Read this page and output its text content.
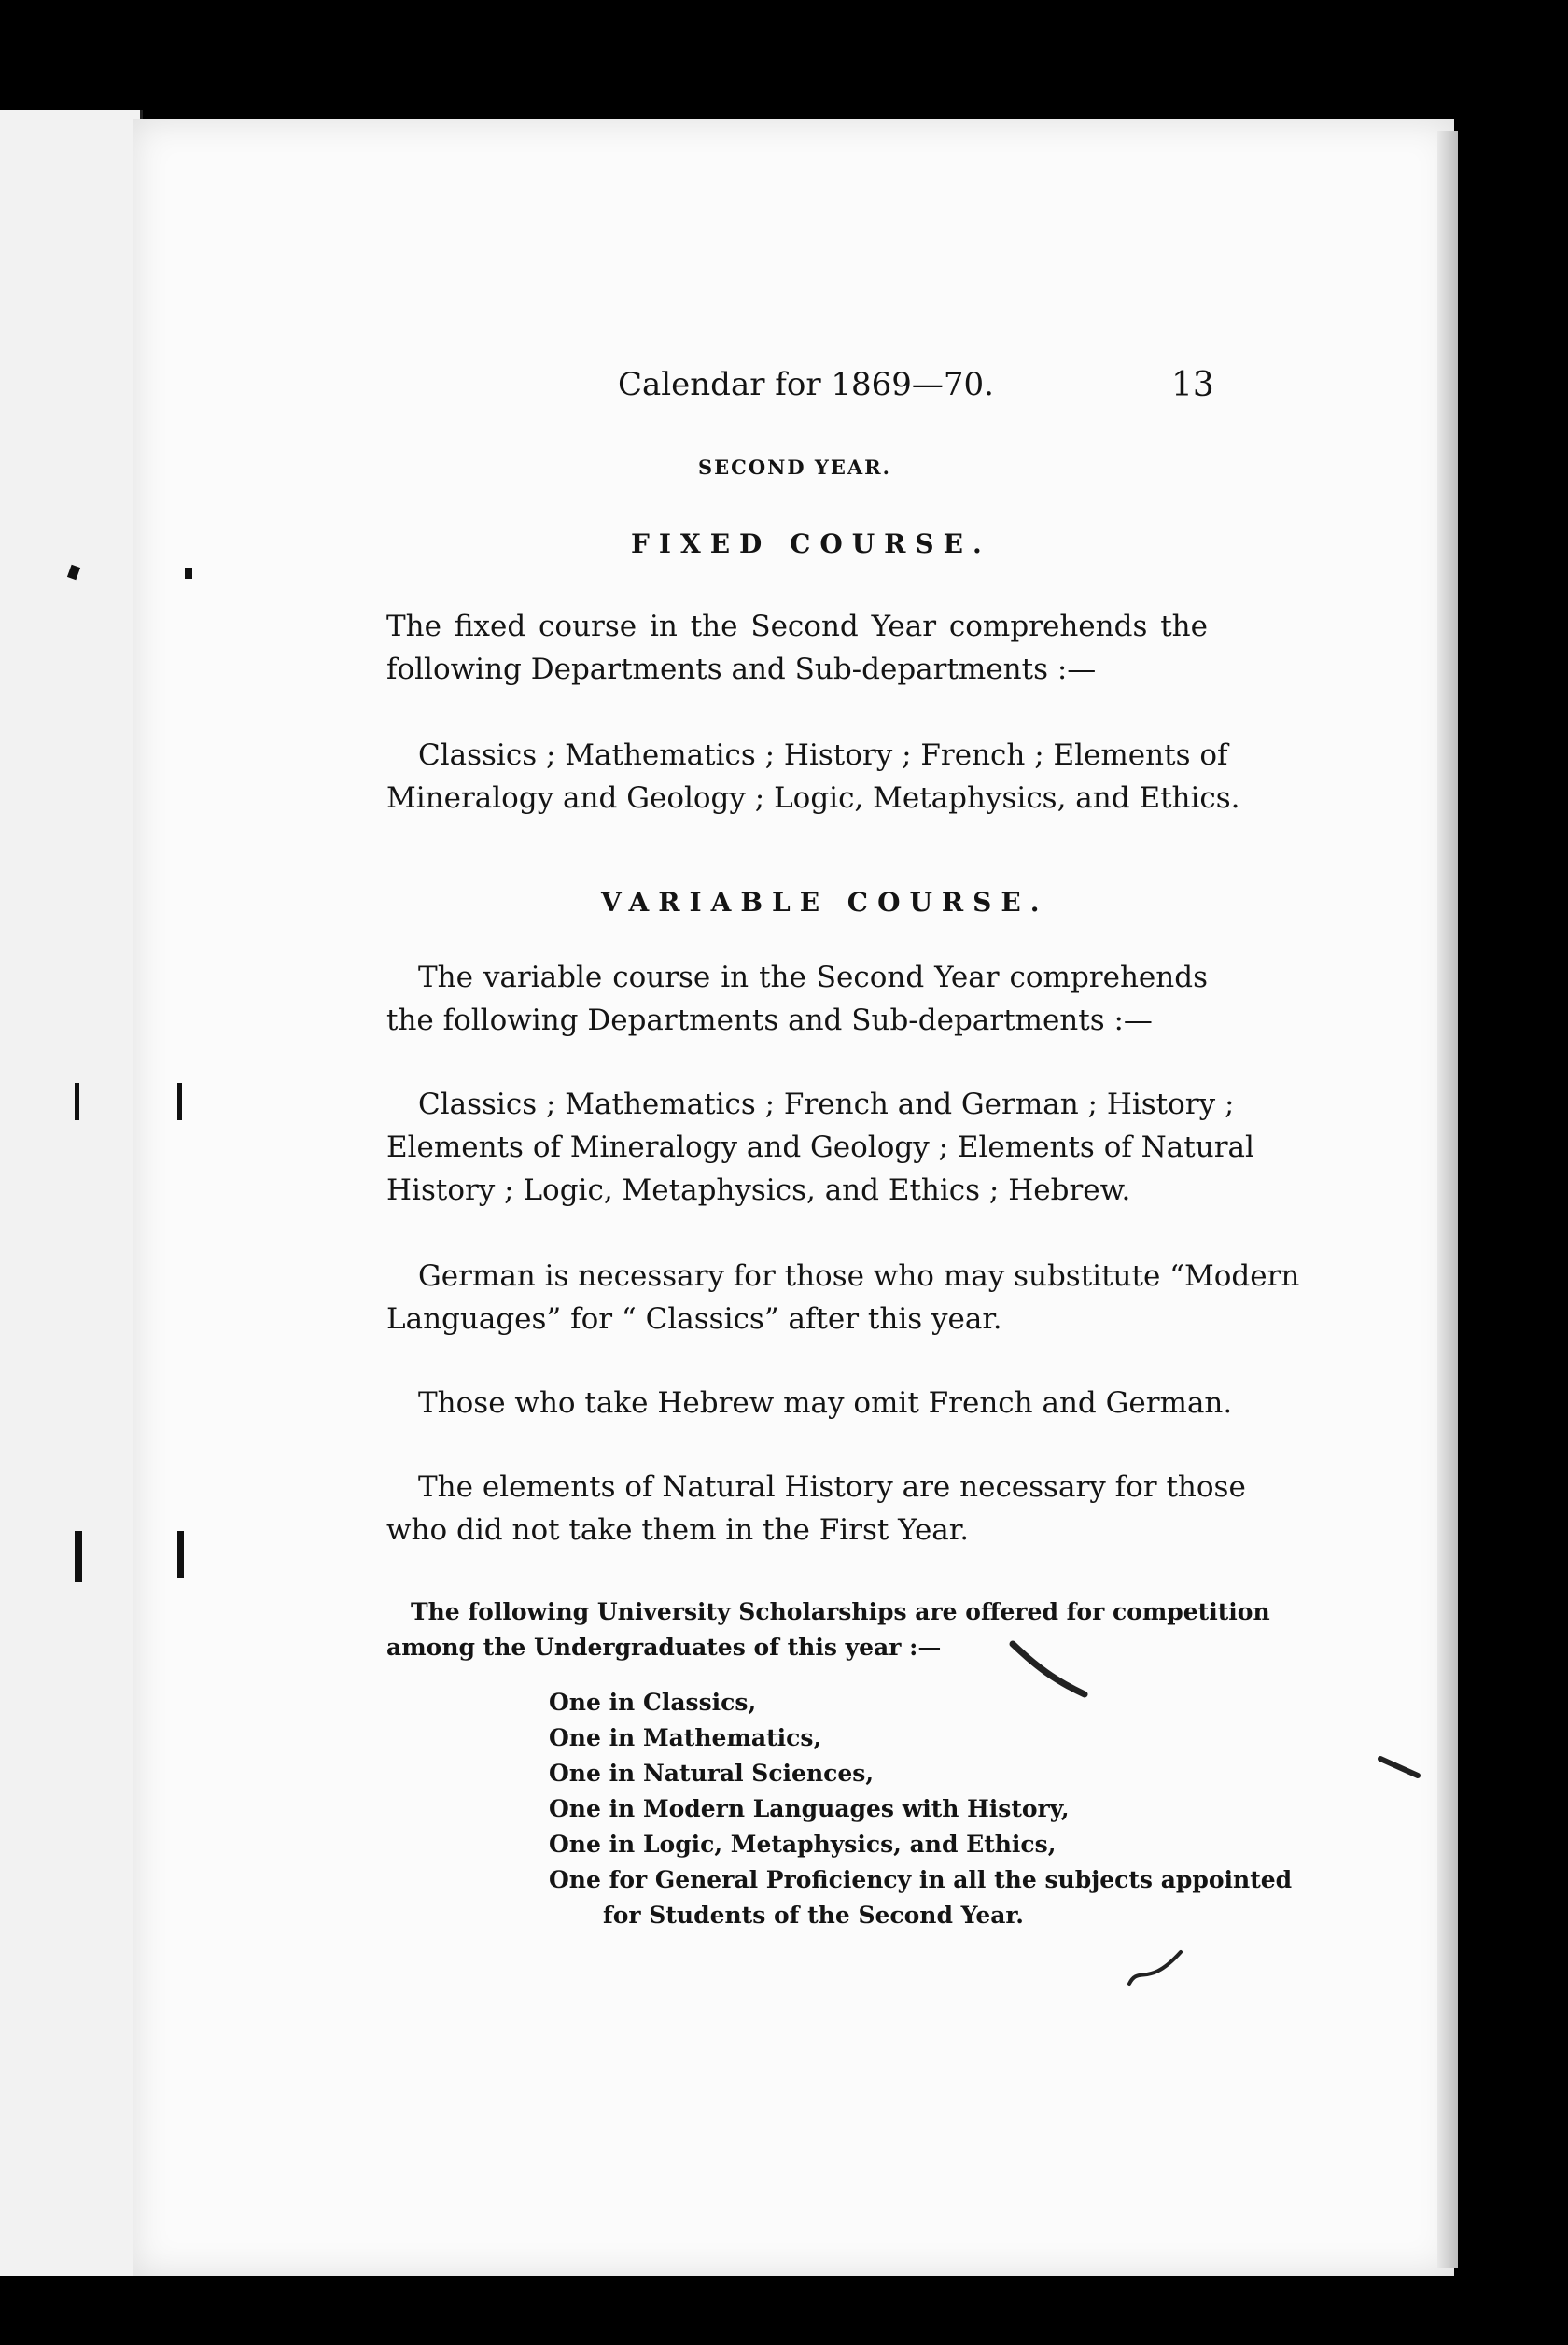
Calendar for 1869—70.	13
SECOND YEAR.
FIXED COURSE.
The fixed course in the Second Year comprehends the
following Departments and Sub-departments :—
Classics ; Mathematics ; History ; French ; Elements of
Mineralogy and Geology ; Logic, Metaphysics, and Ethics.
VARIABLE COURSE.
The variable course in the Second Year comprehends
the following Departments and Sub-departments :—
Classics ; Mathematics ; French and German ; History ;
Elements of Mineralogy and Geology ; Elements of Natural
History ; Logic, Metaphysics, and Ethics ; Hebrew.
German is necessary for those who may substitute “Modern
Languages” for “ Classics” after this year.
Those who take Hebrew may omit French and German.
The elements of Natural History are necessary for those
who did not take them in the First Year.
The following University Scholarships are offered for competition
among the Undergraduates of this year :—
One in Classics,
One in Mathematics,
One in Natural Sciences,
One in Modern Languages with History,
One in Logic, Metaphysics, and Ethics,
One for General Proficiency in all the subjects appointed
for Students of the Second Year.
